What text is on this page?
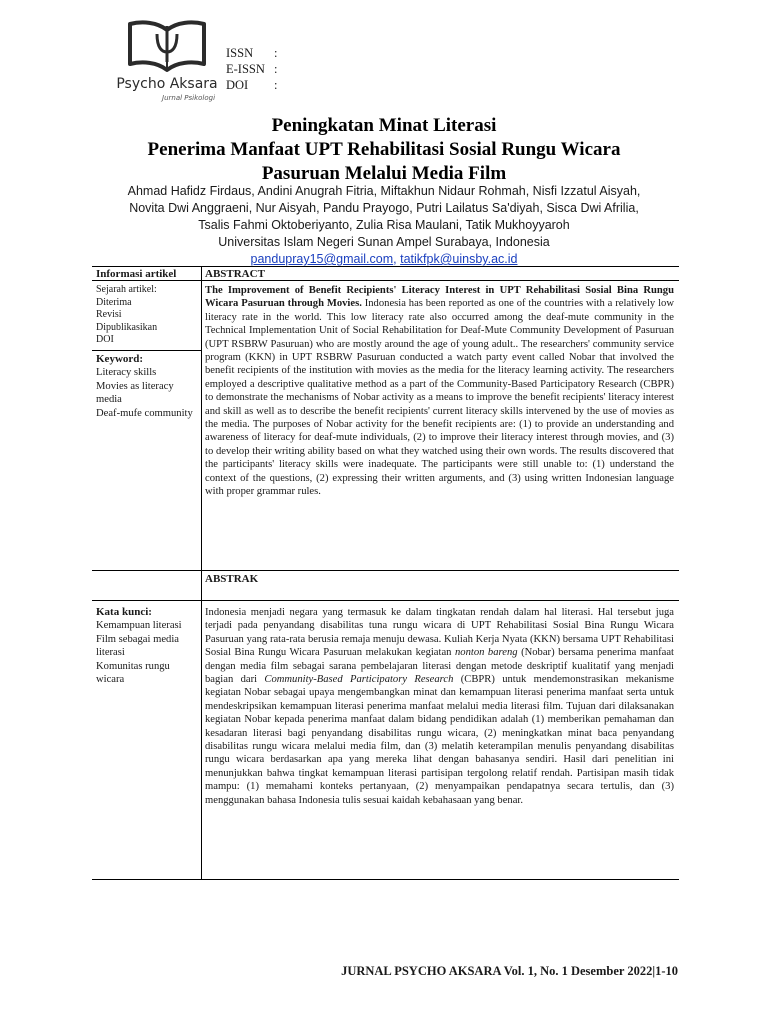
Psycho Aksara
Jurnal Psikologi
ISSN	:
E-ISSN :
DOI	:
Peningkatan Minat Literasi
Penerima Manfaat UPT Rehabilitasi Sosial Rungu Wicara
Pasuruan Melalui Media Film
Ahmad Hafidz Firdaus, Andini Anugrah Fitria, Miftakhun Nidaur Rohmah, Nisfi Izzatul Aisyah,
Novita Dwi Anggraeni, Nur Aisyah, Pandu Prayogo, Putri Lailatus Sa'diyah, Sisca Dwi Afrilia,
Tsalis Fahmi Oktoberiyanto, Zulia Risa Maulani, Tatik Mukhoyyaroh
Universitas Islam Negeri Sunan Ampel Surabaya, Indonesia
pandupray15@gmail.com, tatikfpk@uinsby.ac.id
Informasi artikel
Sejarah artikel:
Diterima
Revisi
Dipublikasikan
DOI
Keyword:
Literacy skills
Movies as literacy media
Deaf-mufe community
ABSTRACT
The Improvement of Benefit Recipients' Literacy Interest in UPT Rehabilitasi Sosial Bina Rungu Wicara Pasuruan through Movies. Indonesia has been reported as one of the countries with a relatively low literacy rate in the world. This low literacy rate also occurred among the deaf-mute community in the Technical Implementation Unit of Social Rehabilitation for Deaf-Mute Community Development of Pasuruan (UPT RSBRW Pasuruan) who are mostly around the age of young adult.. The researchers' community service program (KKN) in UPT RSBRW Pasuruan conducted a watch party event called Nobar that involved the benefit recipients of the institution with movies as the media for the literacy learning activity. The researchers employed a descriptive qualitative method as a part of the Community-Based Participatory Research (CBPR) to demonstrate the mechanisms of Nobar activity as a means to improve the benefit recipients' literacy interest and skill as well as to describe the benefit recipients' current literacy skills intervened by the use of movies as the media. The purposes of Nobar activity for the benefit recipients are: (1) to provide an understanding and awareness of literacy for deaf-mute individuals, (2) to improve their literacy interest through movies, and (3) to develop their writing ability based on what they watched using their own words. The results discovered that the participants' literacy skills were inadequate. The participants were still unable to: (1) understand the context of the questions, (2) expressing their written arguments, and (3) using written Indonesian language with proper grammar rules.
ABSTRAK
Kata kunci:
Kemampuan literasi
Film sebagai media literasi
Komunitas rungu wicara
Indonesia menjadi negara yang termasuk ke dalam tingkatan rendah dalam hal literasi. Hal tersebut juga terjadi pada penyandang disabilitas tuna rungu wicara di UPT Rehabilitasi Sosial Bina Rungu Wicara Pasuruan yang rata-rata berusia remaja menuju dewasa. Kuliah Kerja Nyata (KKN) bersama UPT Rehabilitasi Sosial Bina Rungu Wicara Pasuruan melakukan kegiatan nonton bareng (Nobar) bersama penerima manfaat dengan media film sebagai sarana pembelajaran literasi dengan metode deskriptif kualitatif yang menjadi bagian dari Community-Based Participatory Research (CBPR) untuk mendemonstrasikan mekanisme kegiatan Nobar sebagai upaya mengembangkan minat dan kemampuan literasi penerima manfaat serta untuk mendeskripsikan kemampuan literasi penerima manfaat melalui media literasi film. Tujuan dari dilaksanakan kegiatan Nobar kepada penerima manfaat dalam bidang pendidikan adalah (1) memberikan pemahaman dan kesadaran literasi bagi penyandang disabilitas rungu wicara, (2) meningkatkan minat baca penyandang disabilitas rungu wicara melalui media film, dan (3) melatih keterampilan menulis penyandang disabilitas rungu wicara berdasarkan apa yang mereka lihat dengan bahasanya sendiri. Hasil dari penelitian ini menunjukkan bahwa tingkat kemampuan literasi partisipan tergolong relatif rendah. Partisipan masih tidak mampu: (1) memahami konteks pertanyaan, (2) menyampaikan pendapatnya secara tertulis, dan (3) menggunakan bahasa Indonesia tulis sesuai kaidah kebahasaan yang benar.
JURNAL PSYCHO AKSARA Vol. 1, No. 1 Desember 2022|1-10
